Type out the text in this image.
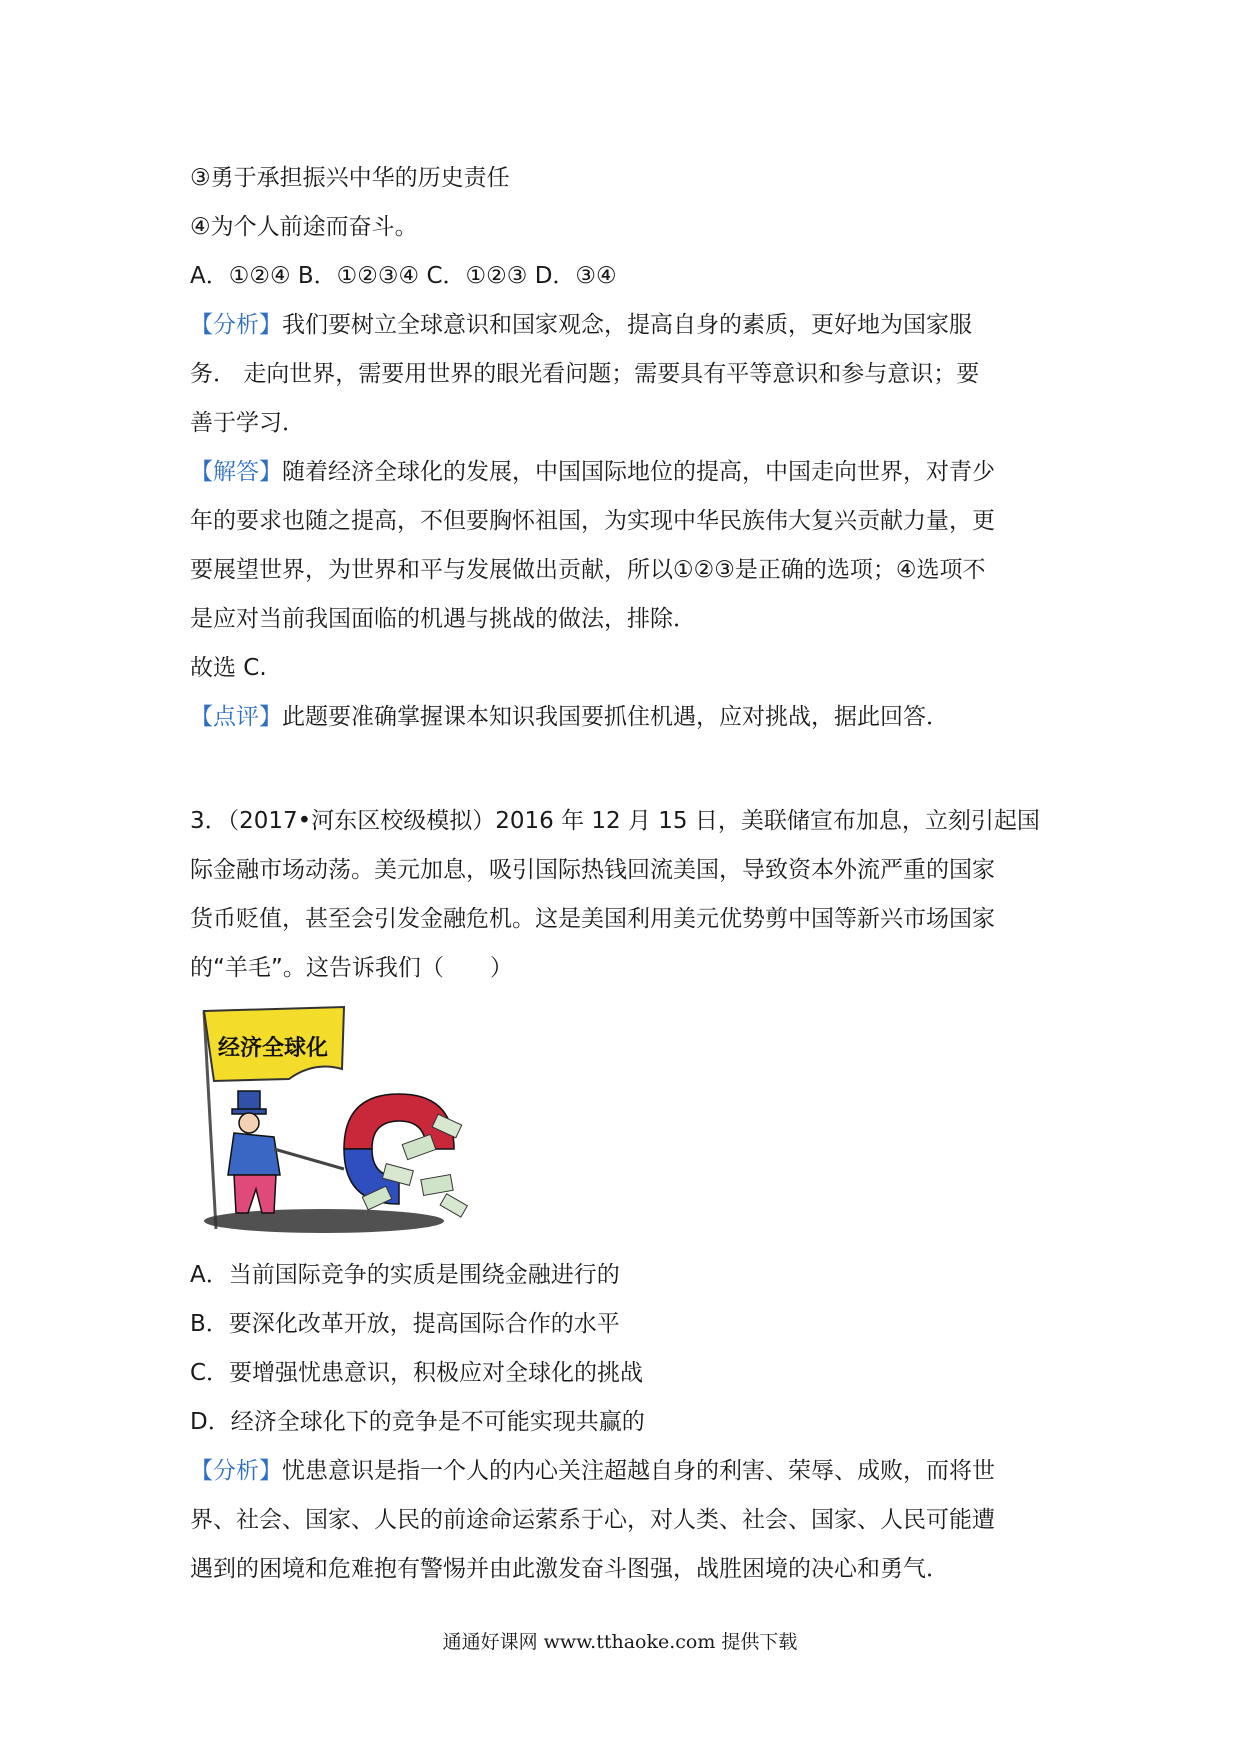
③勇于承担振兴中华的历史责任
④为个人前途而奋斗。
A．①②④ B．①②③④ C．①②③ D．③④
【分析】我们要树立全球意识和国家观念，提高自身的素质，更好地为国家服
务． 走向世界，需要用世界的眼光看问题；需要具有平等意识和参与意识；要
善于学习．
【解答】随着经济全球化的发展，中国国际地位的提高，中国走向世界，对青少
年的要求也随之提高，不但要胸怀祖国，为实现中华民族伟大复兴贡献力量，更
要展望世界，为世界和平与发展做出贡献，所以①②③是正确的选项；④选项不
是应对当前我国面临的机遇与挑战的做法，排除．
故选 C.
【点评】此题要准确掌握课本知识我国要抓住机遇，应对挑战，据此回答．
3．（2017•河东区校级模拟）2016 年 12 月 15 日，美联储宣布加息，立刻引起国
际金融市场动荡。美元加息，吸引国际热钱回流美国，导致资本外流严重的国家
货币贬值，甚至会引发金融危机。这是美国利用美元优势剪中国等新兴市场国家
的“羊毛”。这告诉我们（　　）
经济全球化
A．当前国际竞争的实质是围绕金融进行的
B．要深化改革开放，提高国际合作的水平
C．要增强忧患意识，积极应对全球化的挑战
D．经济全球化下的竞争是不可能实现共赢的
【分析】忧患意识是指一个人的内心关注超越自身的利害、荣辱、成败，而将世
界、社会、国家、人民的前途命运萦系于心，对人类、社会、国家、人民可能遭
遇到的困境和危难抱有警惕并由此激发奋斗图强，战胜困境的决心和勇气．
通通好课网 www.tthaoke.com 提供下载
